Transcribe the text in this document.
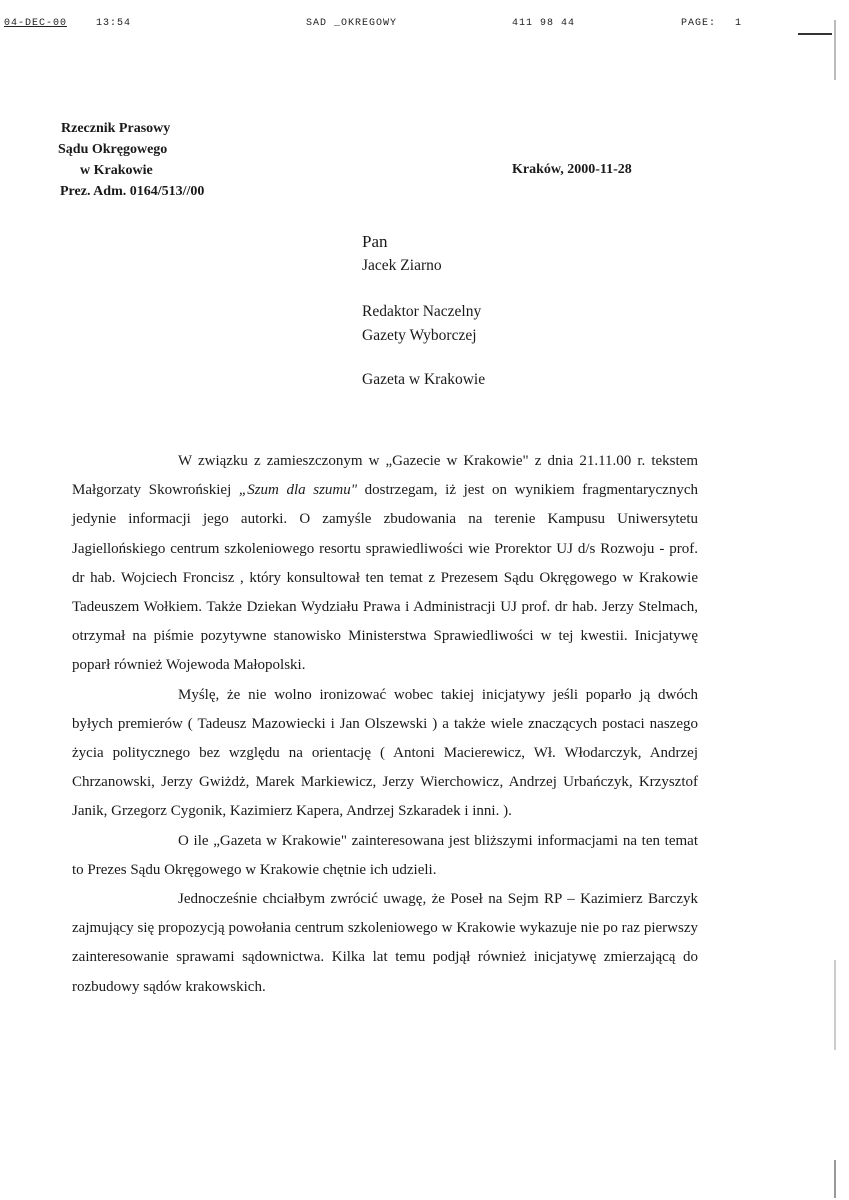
04-DEC-00	13:54	SAD _OKREGOWY	411 98 44	PAGE: 1
Rzecznik Prasowy
Sądu Okręgowego
w Krakowie
Prez. Adm. 0164/513//00
Kraków, 2000-11-28
Pan
Jacek Ziarno
Redaktor Naczelny
Gazety Wyborczej
Gazeta w Krakowie

W związku z zamieszczonym w „Gazecie w Krakowie" z dnia 21.11.00 r. tekstem Małgorzaty Skowrońskiej „Szum dla szumu" dostrzegam, iż jest on wynikiem fragmentarycznych jedynie informacji jego autorki. O zamyśle zbudowania na terenie Kampusu Uniwersytetu Jagiellońskiego centrum szkoleniowego resortu sprawiedliwości wie Prorektor UJ d/s Rozwoju - prof. dr hab. Wojciech Froncisz , który konsultował ten temat z Prezesem Sądu Okręgowego w Krakowie Tadeuszem Wołkiem. Także Dziekan Wydziału Prawa i Administracji UJ prof. dr hab. Jerzy Stelmach, otrzymał na piśmie pozytywne stanowisko Ministerstwa Sprawiedliwości w tej kwestii. Inicjatywę poparł również Wojewoda Małopolski.

Myślę, że nie wolno ironizować wobec takiej inicjatywy jeśli poparło ją dwóch byłych premierów ( Tadeusz Mazowiecki i Jan Olszewski ) a także wiele znaczących postaci naszego życia politycznego bez względu na orientację ( Antoni Macierewicz, Wł. Włodarczyk, Andrzej Chrzanowski, Jerzy Gwiżdż, Marek Markiewicz, Jerzy Wierchowicz, Andrzej Urbańczyk, Krzysztof Janik, Grzegorz Cygonik, Kazimierz Kapera, Andrzej Szkaradek i inni. ).

O ile „Gazeta w Krakowie" zainteresowana jest bliższymi informacjami na ten temat to Prezes Sądu Okręgowego w Krakowie chętnie ich udzieli.

Jednocześnie chciałbym zwrócić uwagę, że Poseł na Sejm RP – Kazimierz Barczyk zajmujący się propozycją powołania centrum szkoleniowego w Krakowie wykazuje nie po raz pierwszy zainteresowanie sprawami sądownictwa. Kilka lat temu podjął również inicjatywę zmierzającą do rozbudowy sądów krakowskich.
